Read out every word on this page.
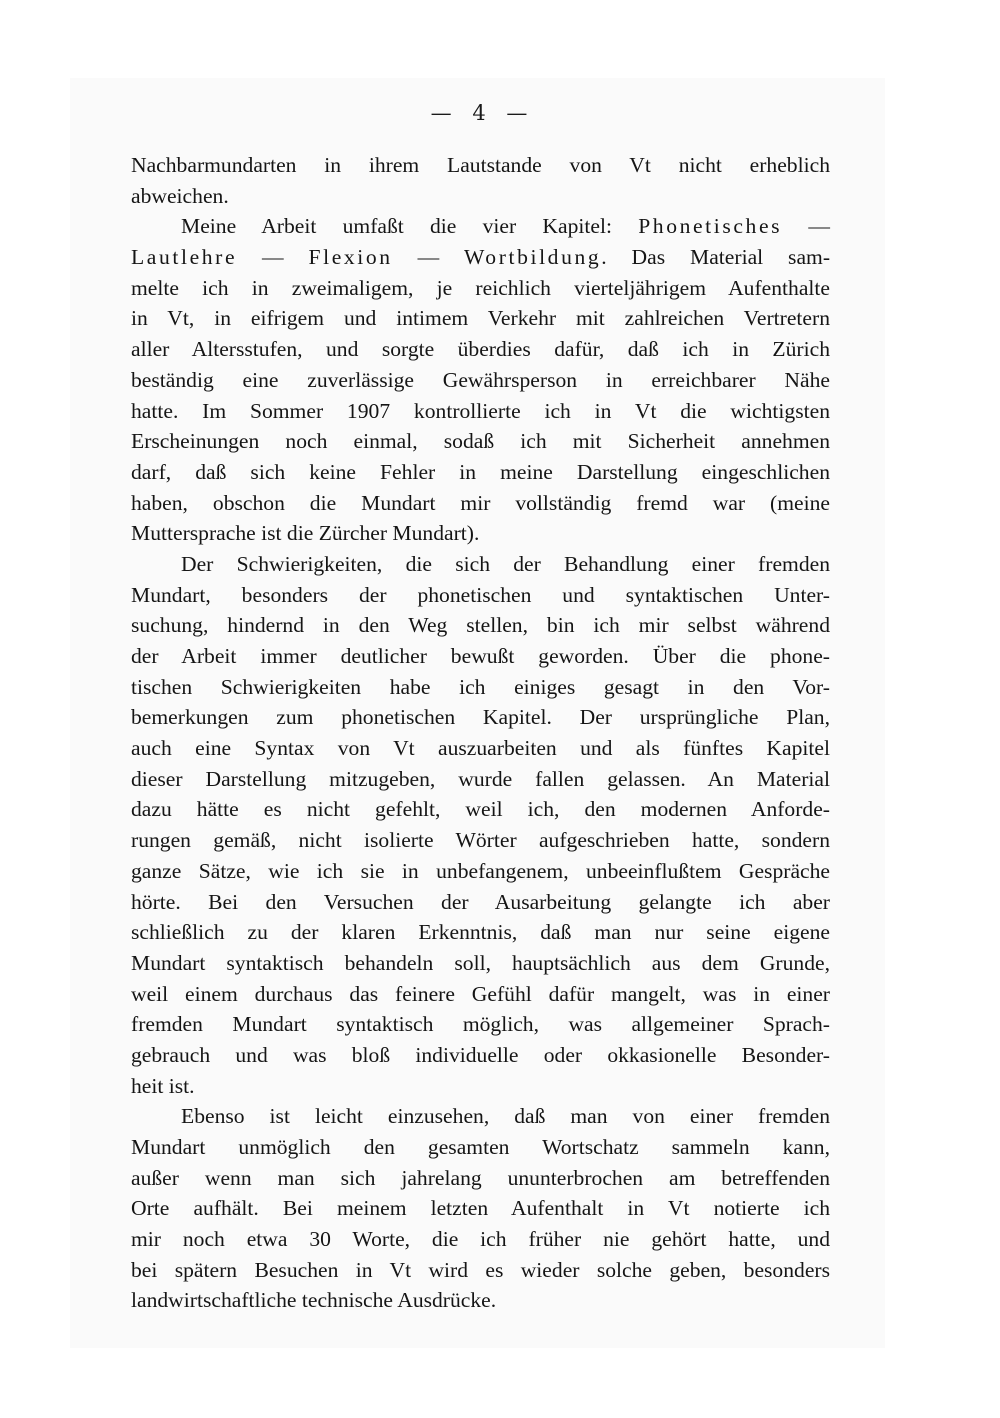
— 4 —
Nachbarmundarten in ihrem Lautstande von Vt nicht erheblich
abweichen.
Meine Arbeit umfaßt die vier Kapitel: Phonetisches —
Lautlehre — Flexion — Wortbildung. Das Material sam-
melte ich in zweimaligem, je reichlich vierteljährigem Aufenthalte
in Vt, in eifrigem und intimem Verkehr mit zahlreichen Vertretern
aller Altersstufen, und sorgte überdies dafür, daß ich in Zürich
beständig eine zuverlässige Gewährsperson in erreichbarer Nähe
hatte. Im Sommer 1907 kontrollierte ich in Vt die wichtigsten
Erscheinungen noch einmal, sodaß ich mit Sicherheit annehmen
darf, daß sich keine Fehler in meine Darstellung eingeschlichen
haben, obschon die Mundart mir vollständig fremd war (meine
Muttersprache ist die Zürcher Mundart).
Der Schwierigkeiten, die sich der Behandlung einer fremden
Mundart, besonders der phonetischen und syntaktischen Unter-
suchung, hindernd in den Weg stellen, bin ich mir selbst während
der Arbeit immer deutlicher bewußt geworden. Über die phone-
tischen Schwierigkeiten habe ich einiges gesagt in den Vor-
bemerkungen zum phonetischen Kapitel. Der ursprüngliche Plan,
auch eine Syntax von Vt auszuarbeiten und als fünftes Kapitel
dieser Darstellung mitzugeben, wurde fallen gelassen. An Material
dazu hätte es nicht gefehlt, weil ich, den modernen Anforde-
rungen gemäß, nicht isolierte Wörter aufgeschrieben hatte, sondern
ganze Sätze, wie ich sie in unbefangenem, unbeeinflußtem Gespräche
hörte. Bei den Versuchen der Ausarbeitung gelangte ich aber
schließlich zu der klaren Erkenntnis, daß man nur seine eigene
Mundart syntaktisch behandeln soll, hauptsächlich aus dem Grunde,
weil einem durchaus das feinere Gefühl dafür mangelt, was in einer
fremden Mundart syntaktisch möglich, was allgemeiner Sprach-
gebrauch und was bloß individuelle oder okkasionelle Besonder-
heit ist.
Ebenso ist leicht einzusehen, daß man von einer fremden
Mundart unmöglich den gesamten Wortschatz sammeln kann,
außer wenn man sich jahrelang ununterbrochen am betreffenden
Orte aufhält. Bei meinem letzten Aufenthalt in Vt notierte ich
mir noch etwa 30 Worte, die ich früher nie gehört hatte, und
bei spätern Besuchen in Vt wird es wieder solche geben, besonders
landwirtschaftliche technische Ausdrücke.
